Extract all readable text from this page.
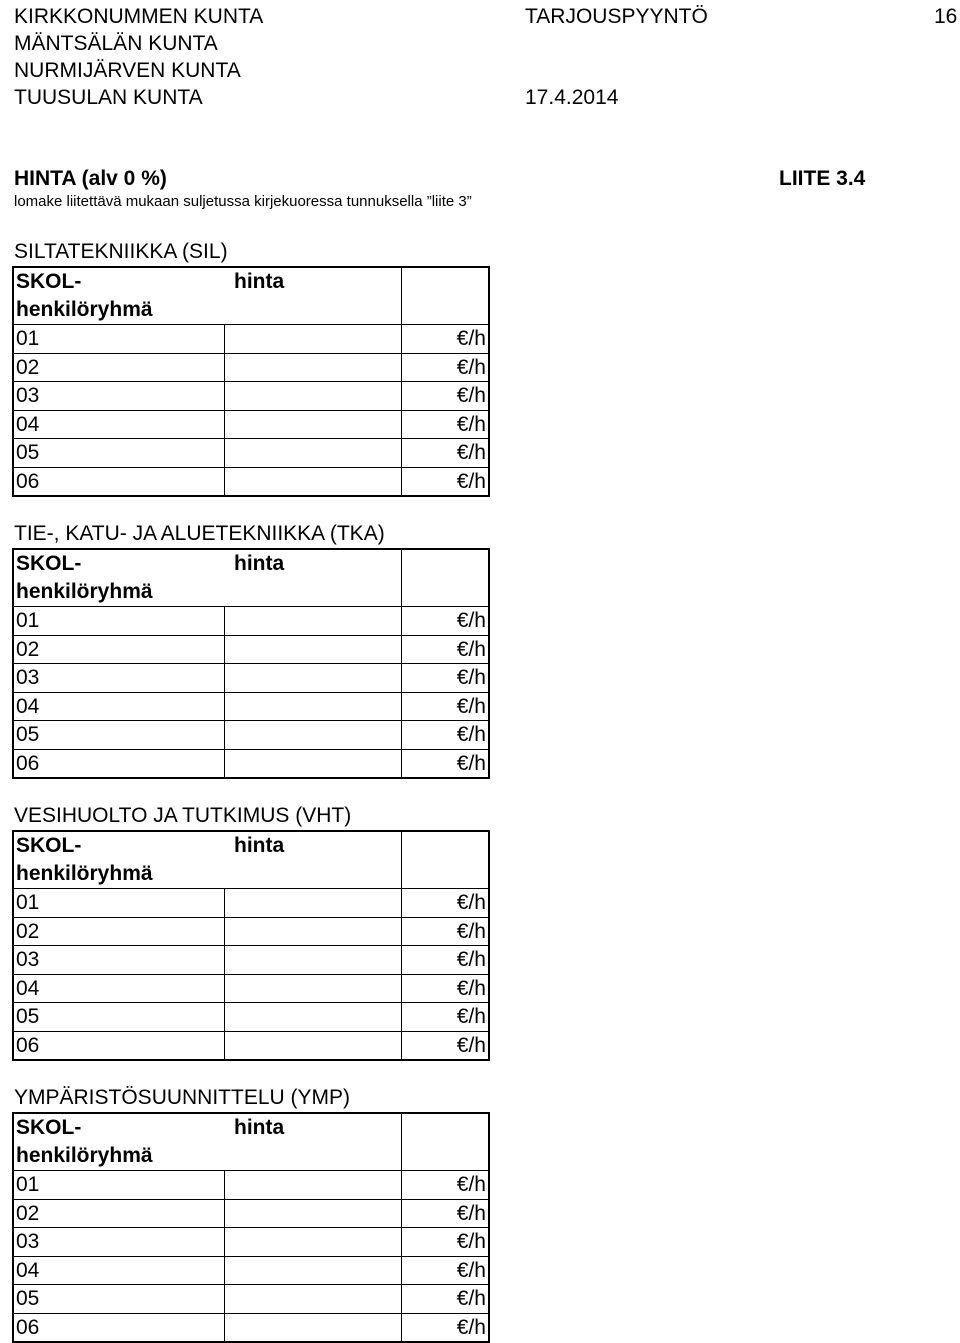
KIRKKONUMMEN KUNTA
MÄNTSÄLÄN KUNTA
NURMIJÄRVEN KUNTA
TUUSULAN KUNTA
TARJOUSPYYNTÖ
17.4.2014
16
HINTA (alv 0 %)	LIITE 3.4
lomake liitettävä mukaan suljetussa kirjekuoressa tunnuksella ”liite 3”
SILTATEKNIIKKA (SIL)
SKOL-
henkilöryhmä	hinta	
01		€/h
02		€/h
03		€/h
04		€/h
05		€/h
06		€/h
TIE-, KATU- JA ALUETEKNIIKKA (TKA)
SKOL-
henkilöryhmä	hinta	
01		€/h
02		€/h
03		€/h
04		€/h
05		€/h
06		€/h
VESIHUOLTO JA TUTKIMUS (VHT)
SKOL-
henkilöryhmä	hinta	
01		€/h
02		€/h
03		€/h
04		€/h
05		€/h
06		€/h
YMPÄRISTÖSUUNNITTELU (YMP)
SKOL-
henkilöryhmä	hinta	
01		€/h
02		€/h
03		€/h
04		€/h
05		€/h
06		€/h
